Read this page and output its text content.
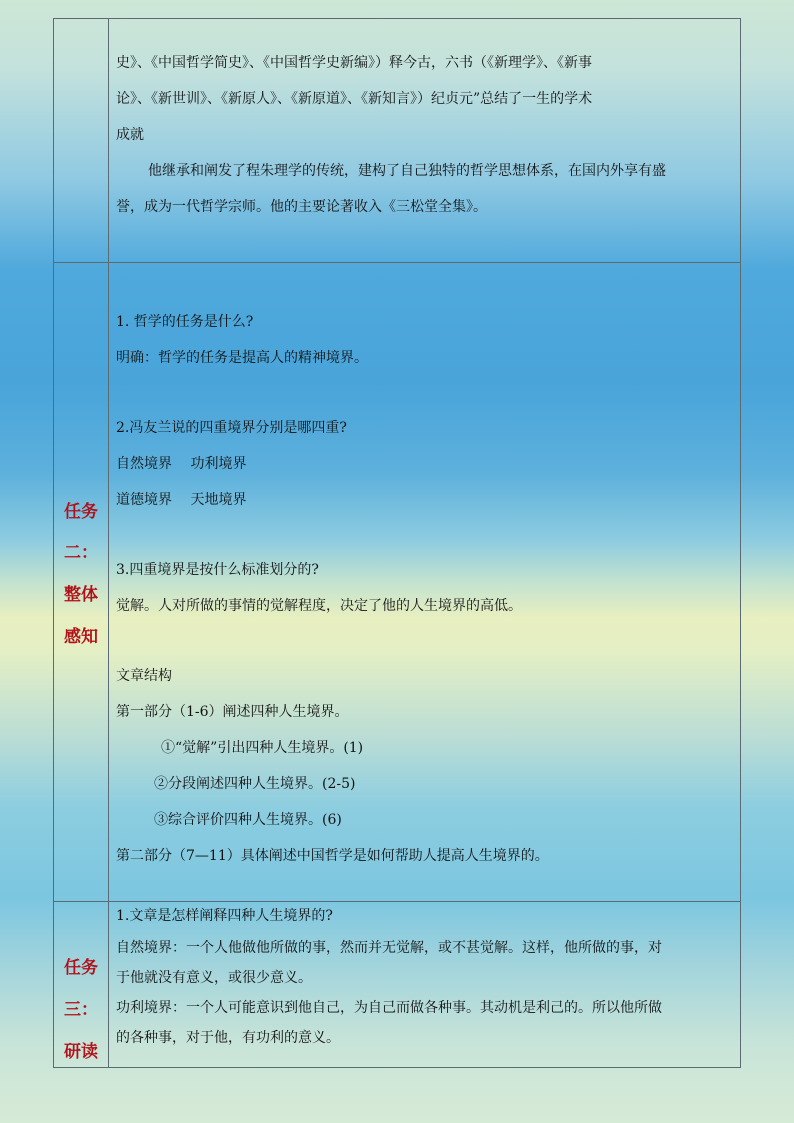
史》、《中国哲学简史》、《中国哲学史新编》）释今古，六书（《新理学》、《新事
论》、《新世训》、《新原人》、《新原道》、《新知言》）纪贞元”总结了一生的学术
成就
他继承和阐发了程朱理学的传统，建构了自己独特的哲学思想体系，在国内外享有盛
誉，成为一代哲学宗师。他的主要论著收入《三松堂全集》。
任务
二：
整体
感知
1. 哲学的任务是什么?
明确：哲学的任务是提高人的精神境界。
2.冯友兰说的四重境界分别是哪四重?
自然境界　 功利境界
道德境界　 天地境界
3.四重境界是按什么标准划分的?
觉解。人对所做的事情的觉解程度，决定了他的人生境界的高低。
文章结构
第一部分（1-6）阐述四种人生境界。
①“觉解”引出四种人生境界。(1)
②分段阐述四种人生境界。(2-5)
③综合评价四种人生境界。(6)
第二部分（7—11）具体阐述中国哲学是如何帮助人提高人生境界的。
任务
三：
研读
1.文章是怎样阐释四种人生境界的?
自然境界：一个人他做他所做的事，然而并无觉解，或不甚觉解。这样，他所做的事，对
于他就没有意义，或很少意义。
功利境界：一个人可能意识到他自己，为自己而做各种事。其动机是利己的。所以他所做
的各种事，对于他，有功利的意义。
